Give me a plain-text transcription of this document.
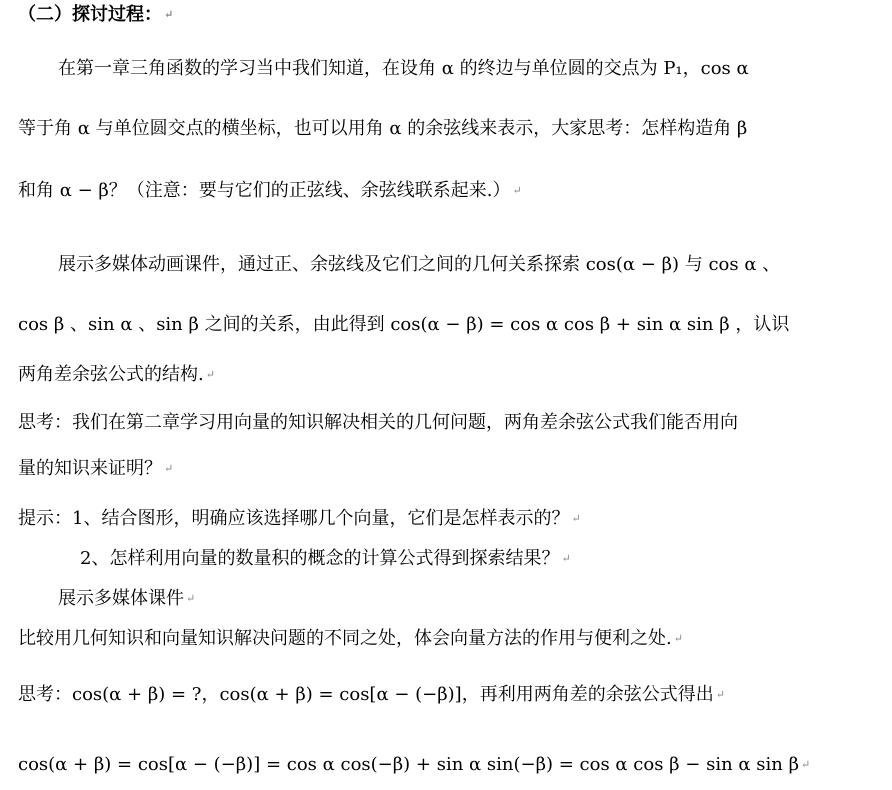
（二）探讨过程： ↵
在第一章三角函数的学习当中我们知道，在设角 α 的终边与单位圆的交点为 P₁，cos α
等于角 α 与单位圆交点的横坐标，也可以用角 α 的余弦线来表示，大家思考：怎样构造角 β
和角 α − β？（注意：要与它们的正弦线、余弦线联系起来.） ↵
展示多媒体动画课件，通过正、余弦线及它们之间的几何关系探索 cos(α − β) 与 cos α 、
cos β 、sin α 、sin β 之间的关系，由此得到 cos(α − β) = cos α cos β + sin α sin β ，认识
两角差余弦公式的结构. ↵
思考：我们在第二章学习用向量的知识解决相关的几何问题，两角差余弦公式我们能否用向
量的知识来证明？ ↵
提示：1、结合图形，明确应该选择哪几个向量，它们是怎样表示的？ ↵
2、怎样利用向量的数量积的概念的计算公式得到探索结果？ ↵
展示多媒体课件 ↵
比较用几何知识和向量知识解决问题的不同之处，体会向量方法的作用与便利之处. ↵
思考：cos(α + β) = ?，cos(α + β) = cos[α − (−β)]，再利用两角差的余弦公式得出 ↵
cos(α + β) = cos[α − (−β)] = cos α cos(−β) + sin α sin(−β) = cos α cos β − sin α sin β ↵
